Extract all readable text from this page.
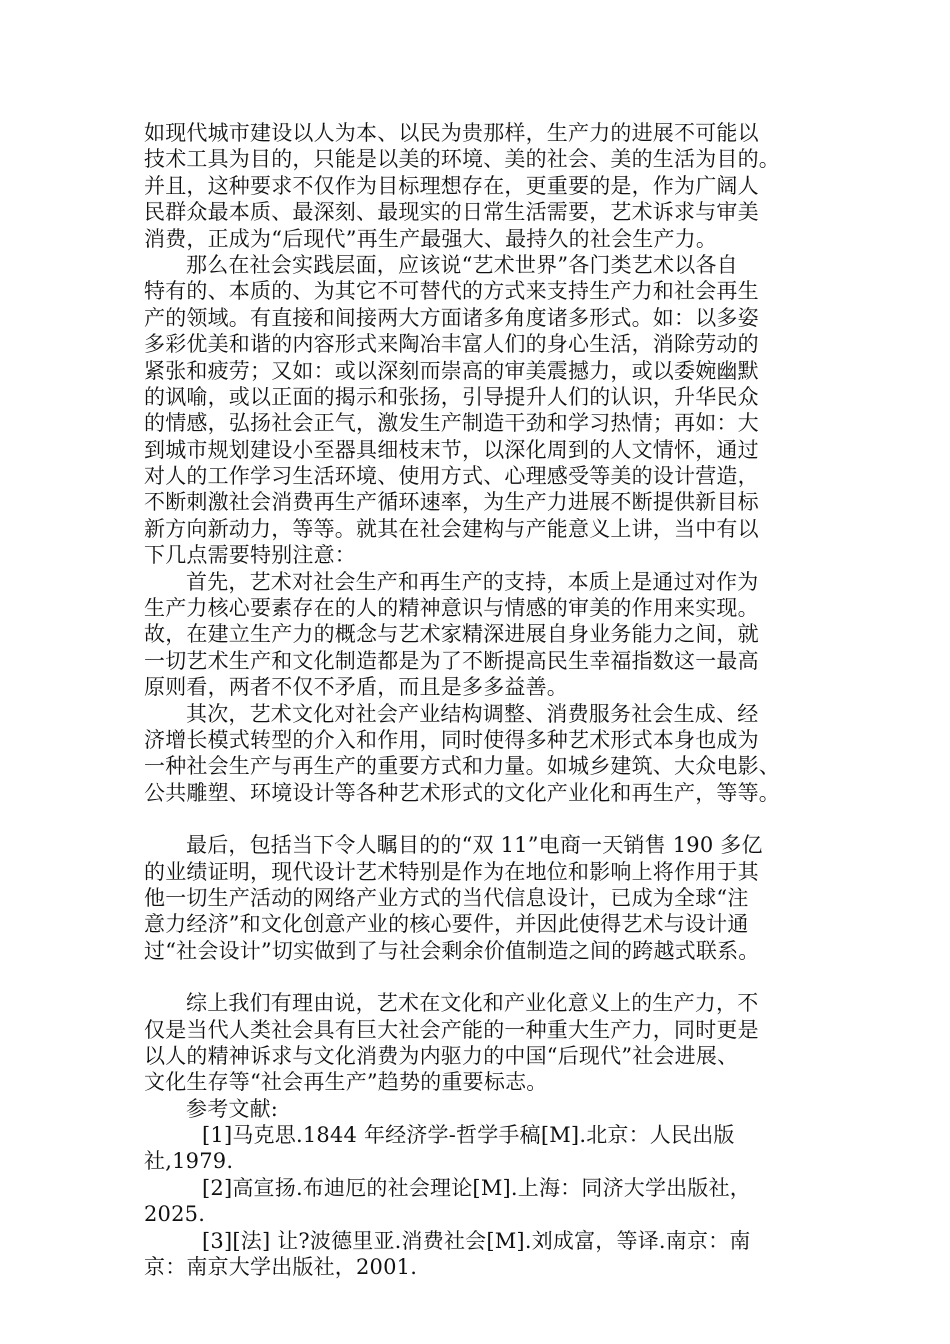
如现代城市建设以人为本、以民为贵那样，生产力的进展不可能以
技术工具为目的，只能是以美的环境、美的社会、美的生活为目的。
并且，这种要求不仅作为目标理想存在，更重要的是，作为广阔人
民群众最本质、最深刻、最现实的日常生活需要，艺术诉求与审美
消费，正成为“后现代”再生产最强大、最持久的社会生产力。
那么在社会实践层面，应该说“艺术世界”各门类艺术以各自
特有的、本质的、为其它不可替代的方式来支持生产力和社会再生
产的领域。有直接和间接两大方面诸多角度诸多形式。如：以多姿
多彩优美和谐的内容形式来陶冶丰富人们的身心生活，消除劳动的
紧张和疲劳；又如：或以深刻而崇高的审美震撼力，或以委婉幽默
的讽喻，或以正面的揭示和张扬，引导提升人们的认识，升华民众
的情感，弘扬社会正气，激发生产制造干劲和学习热情；再如：大
到城市规划建设小至器具细枝末节，以深化周到的人文情怀，通过
对人的工作学习生活环境、使用方式、心理感受等美的设计营造，
不断刺激社会消费再生产循环速率，为生产力进展不断提供新目标
新方向新动力，等等。就其在社会建构与产能意义上讲，当中有以
下几点需要特别注意：
首先，艺术对社会生产和再生产的支持，本质上是通过对作为
生产力核心要素存在的人的精神意识与情感的审美的作用来实现。
故，在建立生产力的概念与艺术家精深进展自身业务能力之间，就
一切艺术生产和文化制造都是为了不断提高民生幸福指数这一最高
原则看，两者不仅不矛盾，而且是多多益善。
其次，艺术文化对社会产业结构调整、消费服务社会生成、经
济增长模式转型的介入和作用，同时使得多种艺术形式本身也成为
一种社会生产与再生产的重要方式和力量。如城乡建筑、大众电影、
公共雕塑、环境设计等各种艺术形式的文化产业化和再生产，等等。
最后，包括当下令人瞩目的的“双 11”电商一天销售 190 多亿
的业绩证明，现代设计艺术特别是作为在地位和影响上将作用于其
他一切生产活动的网络产业方式的当代信息设计，已成为全球“注
意力经济”和文化创意产业的核心要件，并因此使得艺术与设计通
过“社会设计”切实做到了与社会剩余价值制造之间的跨越式联系。
综上我们有理由说，艺术在文化和产业化意义上的生产力，不
仅是当代人类社会具有巨大社会产能的一种重大生产力，同时更是
以人的精神诉求与文化消费为内驱力的中国“后现代”社会进展、
文化生存等“社会再生产”趋势的重要标志。
参考文献:
[1]马克思.1844 年经济学-哲学手稿[M].北京：人民出版
社,1979.
[2]高宣扬.布迪厄的社会理论[M].上海：同济大学出版社，
2025.
[3][法] 让?波德里亚.消费社会[M].刘成富，等译.南京：南
京：南京大学出版社，2001.
